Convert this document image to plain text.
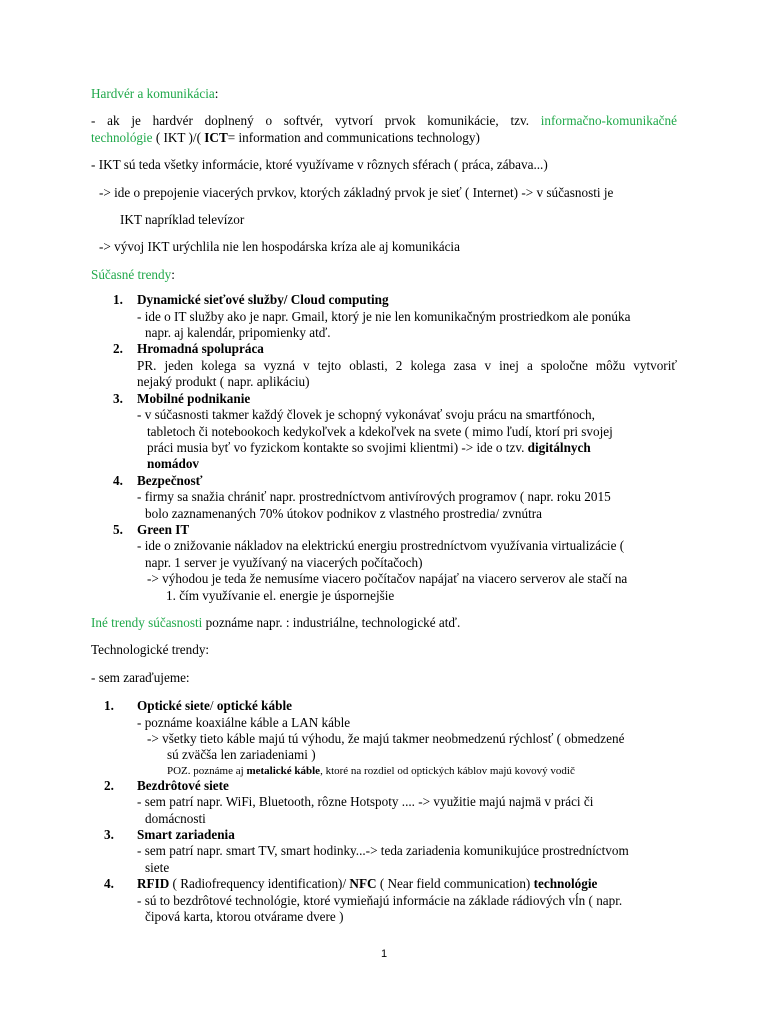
Hardvér a komunikácia:

- ak je hardvér doplnený o softvér, vytvorí prvok komunikácie, tzv. informačno-komunikačné

technológie ( IKT )/( ICT= information and communications technology)

- IKT sú teda všetky informácie, ktoré využívame v rôznych sférach ( práca, zábava...)

-> ide o prepojenie viacerých prvkov, ktorých základný prvok je sieť ( Internet) -> v súčasnosti je

IKT napríklad televízor

-> vývoj IKT urýchlila nie len hospodárska kríza ale aj komunikácia

Súčasné trendy:

1. Dynamické sieťové služby/ Cloud computing

- ide o IT služby ako je napr. Gmail, ktorý je nie len komunikačným prostriedkom ale ponúka

napr. aj kalendár, pripomienky atď.

2. Hromadná spolupráca

PR. jeden kolega sa vyzná v tejto oblasti, 2 kolega zasa v inej a spoločne môžu vytvoriť

nejaký produkt ( napr. aplikáciu)

3. Mobilné podnikanie

- v súčasnosti takmer každý človek je schopný vykonávať svoju prácu na smartfónoch,

tabletoch či notebookoch kedykoľvek a kdekoľvek na svete ( mimo ľudí, ktorí pri svojej

práci musia byť vo fyzickom kontakte so svojimi klientmi) -> ide o tzv. digitálnych

nomádov

4. Bezpečnosť

- firmy sa snažia chrániť napr. prostredníctvom antivírových programov ( napr. roku 2015

bolo zaznamenaných 70% útokov podnikov z vlastného prostredia/ zvnútra

5. Green IT

- ide o znižovanie nákladov na elektrickú energiu prostredníctvom využívania virtualizácie (

napr. 1 server je využívaný na viacerých počítačoch)

-> výhodou je teda že nemusíme viacero počítačov napájať na viacero serverov ale stačí na

1. čím využívanie el. energie je úspornejšie

Iné trendy súčasnosti poznáme napr. : industriálne, technologické atď.

Technologické trendy:

- sem zaraďujeme:

1. Optické siete/ optické káble

- poznáme koaxiálne káble a LAN káble

-> všetky tieto káble majú tú výhodu, že majú takmer neobmedzenú rýchlosť ( obmedzené

sú zväčša len zariadeniami )

POZ. poznáme aj metalické káble, ktoré na rozdiel od optických káblov majú kovový vodič

2. Bezdrôtové siete

- sem patrí napr. WiFi, Bluetooth, rôzne Hotspoty .... -> využitie majú najmä v práci či

domácnosti

3. Smart zariadenia

- sem patrí napr. smart TV, smart hodinky...-> teda zariadenia komunikujúce prostredníctvom

siete

4. RFID ( Radiofrequency identification)/ NFC ( Near field communication) technológie

- sú to bezdrôtové technológie, ktoré vymieňajú informácie na základe rádiových vĺn ( napr.

čipová karta, ktorou otvárame dvere )

1
